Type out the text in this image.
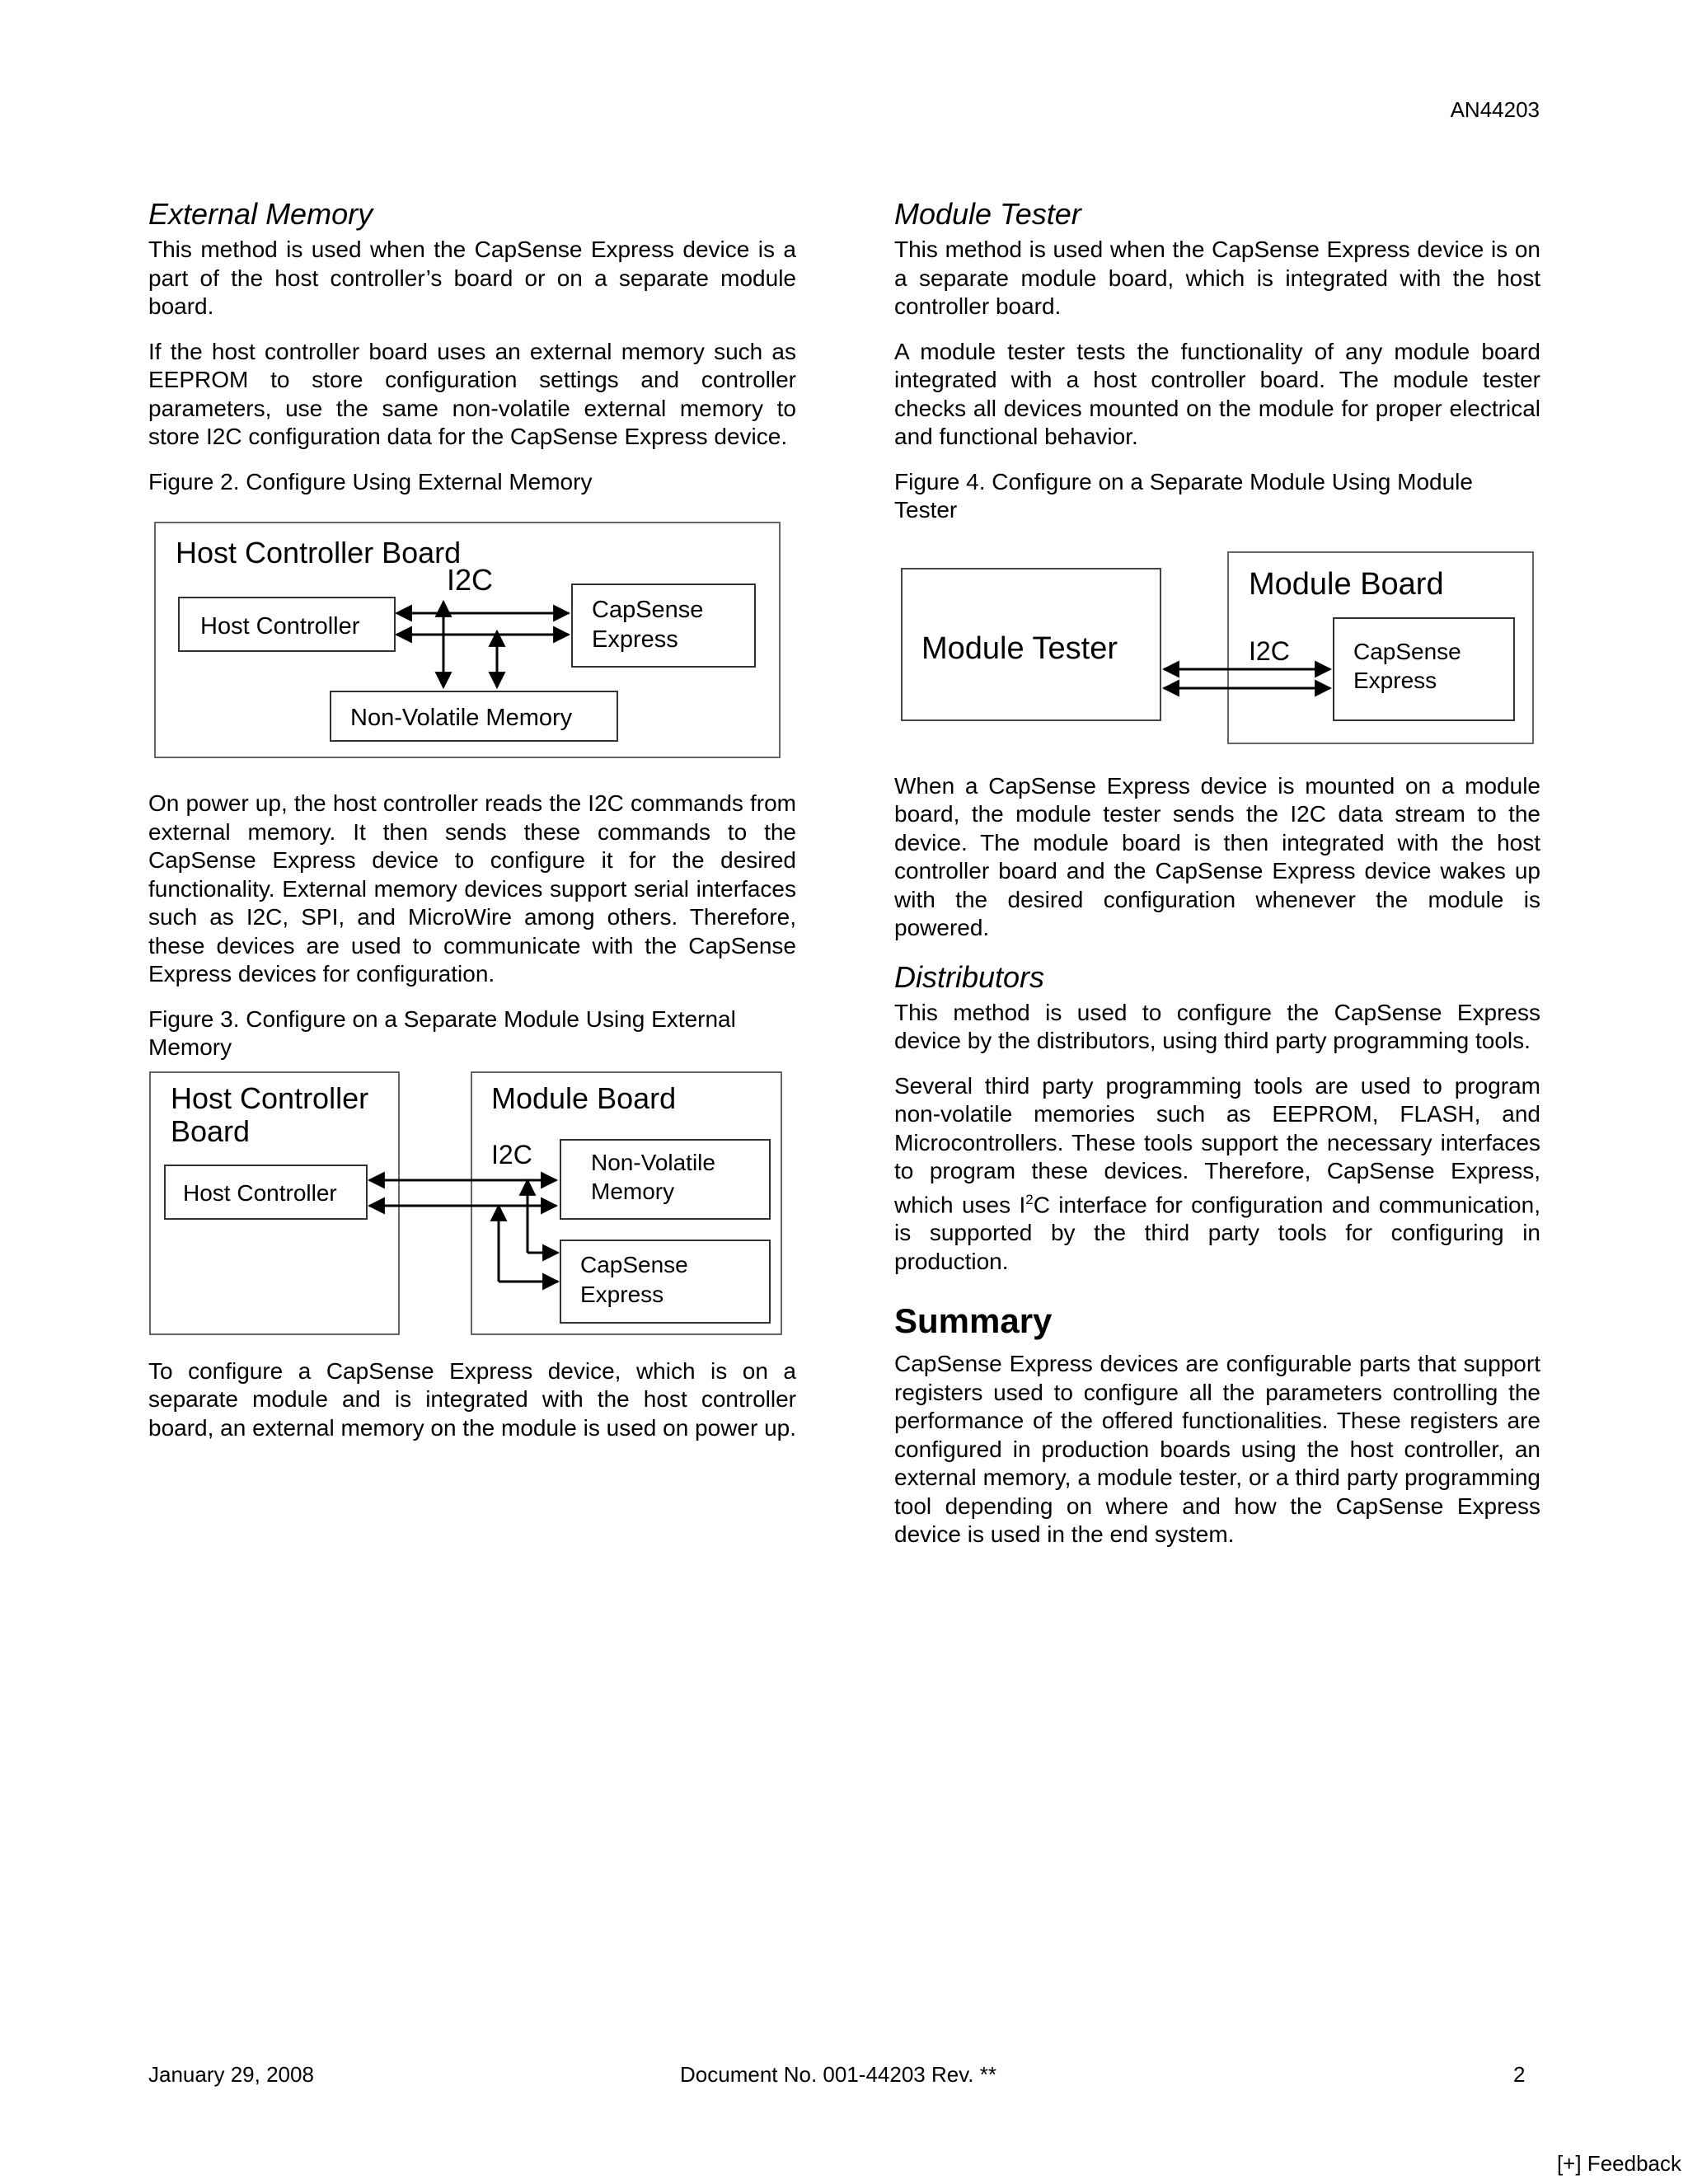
AN44203
External Memory

This method is used when the CapSense Express device is a part of the host controller’s board or on a separate module board.

If the host controller board uses an external memory such as EEPROM to store configuration settings and controller parameters, use the same non-volatile external memory to store I2C configuration data for the CapSense Express device.

Figure 2. Configure Using External Memory

Host Controller Board
I2C
Host Controller
CapSense
Express
Non-Volatile Memory

On power up, the host controller reads the I2C commands from external memory. It then sends these commands to the CapSense Express device to configure it for the desired functionality. External memory devices support serial interfaces such as I2C, SPI, and MicroWire among others. Therefore, these devices are used to communicate with the CapSense Express devices for configuration.

Figure 3. Configure on a Separate Module Using External Memory

Host Controller
Board
Host Controller
Module Board
I2C	Non-Volatile
Memory
CapSense
Express

To configure a CapSense Express device, which is on a separate module and is integrated with the host controller board, an external memory on the module is used on power up.

Module Tester

This method is used when the CapSense Express device is on a separate module board, which is integrated with the host controller board.

A module tester tests the functionality of any module board integrated with a host controller board. The module tester checks all devices mounted on the module for proper electrical and functional behavior.

Figure 4. Configure on a Separate Module Using Module Tester

Module Tester
Module Board
I2C	CapSense
Express

When a CapSense Express device is mounted on a module board, the module tester sends the I2C data stream to the device. The module board is then integrated with the host controller board and the CapSense Express device wakes up with the desired configuration whenever the module is powered.

Distributors

This method is used to configure the CapSense Express device by the distributors, using third party programming tools.

Several third party programming tools are used to program non-volatile memories such as EEPROM, FLASH, and Microcontrollers. These tools support the necessary interfaces to program these devices. Therefore, CapSense Express, which uses $I^2C$ interface for configuration and communication, is supported by the third party tools for configuring in production.

Summary

CapSense Express devices are configurable parts that support registers used to configure all the parameters controlling the performance of the offered functionalities. These registers are configured in production boards using the host controller, an external memory, a module tester, or a third party programming tool depending on where and how the CapSense Express device is used in the end system.

January 29, 2008	Document No. 001-44203 Rev. **	2
[+] Feedback
